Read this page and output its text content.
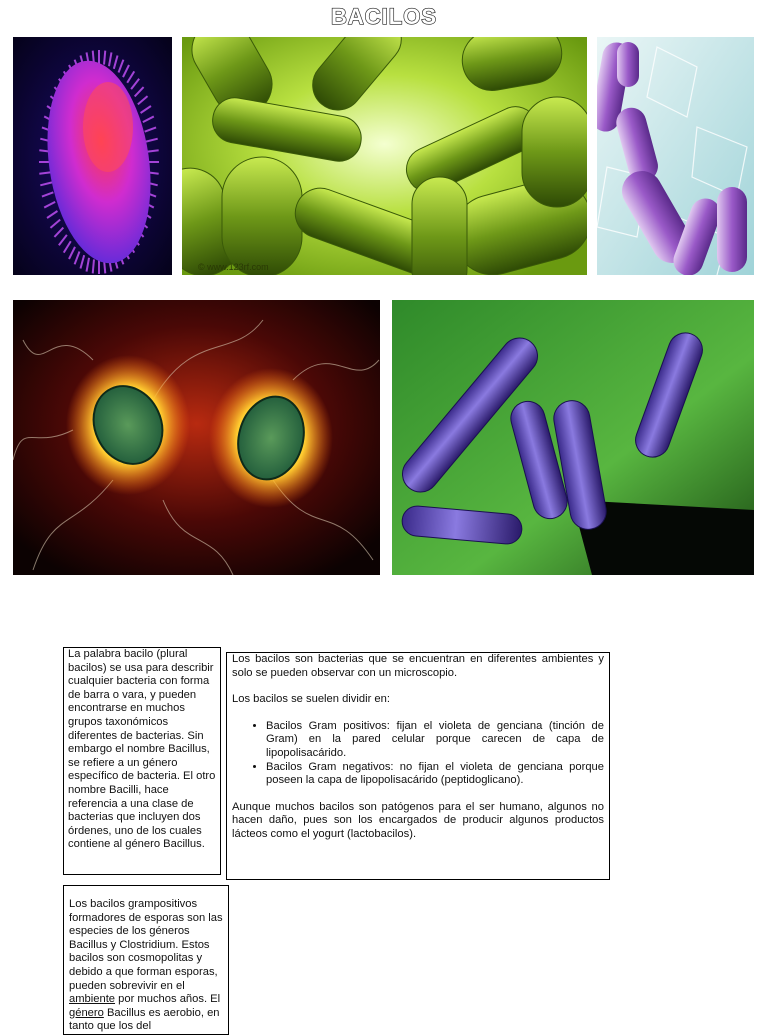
BACILOS
© www.123rf.com
La palabra bacilo (plural bacilos) se usa para describir cualquier bacteria con forma de barra o vara, y pueden encontrarse en muchos grupos taxonómicos diferentes de bacterias. Sin embargo el nombre Bacillus, se refiere a un género específico de bacteria. El otro nombre Bacilli, hace referencia a una clase de bacterias que incluyen dos órdenes, uno de los cuales contiene al género Bacillus.

Los bacilos son bacterias que se encuentran en diferentes ambientes y solo se pueden observar con un microscopio.

Los bacilos se suelen dividir en:

• Bacilos Gram positivos: fijan el violeta de genciana (tinción de Gram) en la pared celular porque carecen de capa de lipopolisacárido.
• Bacilos Gram negativos: no fijan el violeta de genciana porque poseen la capa de lipopolisacárido (peptidoglicano).

Aunque muchos bacilos son patógenos para el ser humano, algunos no hacen daño, pues son los encargados de producir algunos productos lácteos como el yogurt (lactobacilos).

Los bacilos grampositivos formadores de esporas son las especies de los géneros Bacillus y Clostridium. Estos bacilos son cosmopolitas y debido a que forman esporas, pueden sobrevivir en el ambiente por muchos años. El género Bacillus es aerobio, en tanto que los del
